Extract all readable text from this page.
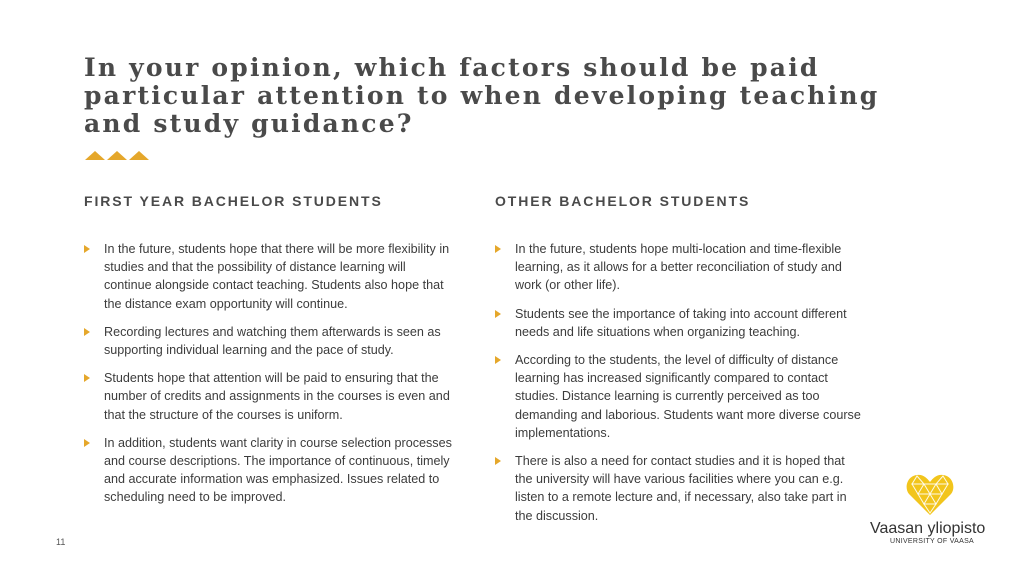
In your opinion, which factors should be paid particular attention to when developing teaching and study guidance?
FIRST YEAR BACHELOR STUDENTS
In the future, students hope that there will be more flexibility in studies and that the possibility of distance learning will continue alongside contact teaching. Students also hope that the distance exam opportunity will continue.
Recording lectures and watching them afterwards is seen as supporting individual learning and the pace of study.
Students hope that attention will be paid to ensuring that the number of credits and assignments in the courses is even and that the structure of the courses is uniform.
In addition, students want clarity in course selection processes and course descriptions. The importance of continuous, timely and accurate information was emphasized. Issues related to scheduling need to be improved.
OTHER BACHELOR STUDENTS
In the future, students hope multi-location and time-flexible learning, as it allows for a better reconciliation of study and work (or other life).
Students see the importance of taking into account different needs and life situations when organizing teaching.
According to the students, the level of difficulty of distance learning has increased significantly compared to contact studies. Distance learning is currently perceived as too demanding and laborious. Students want more diverse course implementations.
There is also a need for contact studies and it is hoped that the university will have various facilities where you can e.g. listen to a remote lecture and, if necessary, also take part in the discussion.
11
Vaasan yliopisto
UNIVERSITY OF VAASA
